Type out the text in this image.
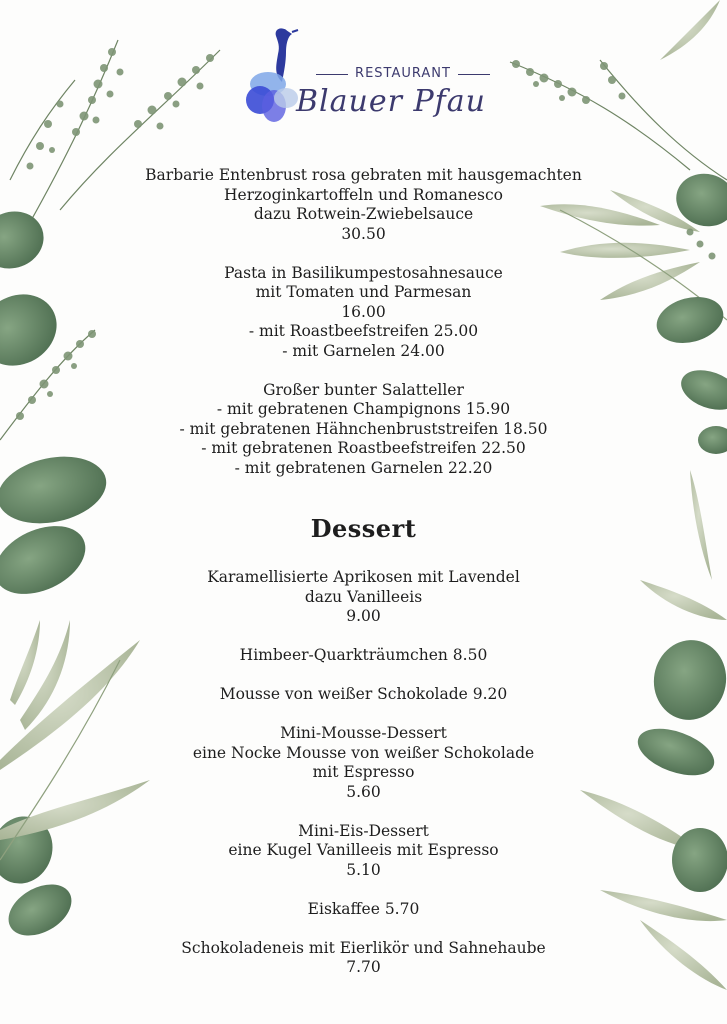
RESTAURANT
Blauer Pfau
Barbarie Entenbrust rosa gebraten mit hausgemachten
Herzoginkartoffeln und Romanesco
dazu Rotwein-Zwiebelsauce
30.50
Pasta in Basilikumpestosahnesauce
mit Tomaten und Parmesan
16.00
- mit Roastbeefstreifen 25.00
- mit Garnelen 24.00
Großer bunter Salatteller
- mit gebratenen Champignons 15.90
- mit gebratenen Hähnchenbruststreifen 18.50
- mit gebratenen Roastbeefstreifen 22.50
- mit gebratenen Garnelen 22.20
Dessert
Karamellisierte Aprikosen mit Lavendel
dazu Vanilleeis
9.00
Himbeer-Quarkträumchen 8.50
Mousse von weißer Schokolade 9.20
Mini-Mousse-Dessert
eine Nocke Mousse von weißer Schokolade
mit Espresso
5.60
Mini-Eis-Dessert
eine Kugel Vanilleeis mit Espresso
5.10
Eiskaffee 5.70
Schokoladeneis mit Eierlikör und Sahnehaube
7.70
